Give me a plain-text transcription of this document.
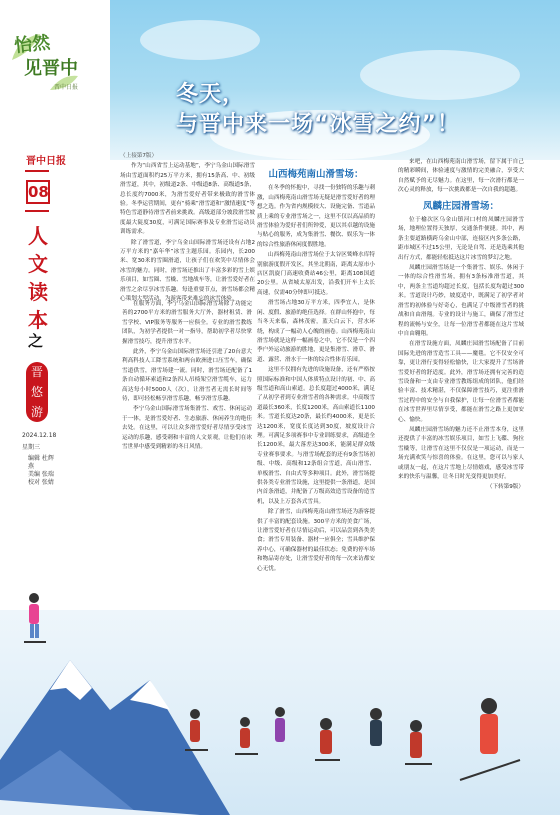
冬天，
与晋中来一场“冰雪之约”！
怡然
见晋中
晋中日报
晋中日报
08
人文读本
之
晋悠游
2024.12.18
星期三
编辑 杜辉燕
美编 张瑞
校对 张婧
（上接第7版）

作为“山西省雪上运动基地”，李宁乌金山国际滑雪场由雪道面积约25万平方米，拥有15条高、中、初级滑雪道，其中，初级道2条、中级道8条、高级道5条，总长度约7000米，为滑雪爱好者带来极致的滑雪体验。冬季运营期间，更有“骑乘”滑雪道和“激情速度”等特色雪道静待滑雪者前来挑战。高级道部分坡段滑雪坡度最大陡度30度，可满足国际赛事及专业滑雪运动员训练需求。

除了滑雪道，李宁乌金山国际滑雪场还设有占地2万平方米的“嘉年华”冰雪主题乐园。乐园内，长200米、宽30米的雪圈滑道，让孩子们在欢笑中尽情体会冰雪的魅力。同时，滑雪场还推出了丰富多彩的雪上娱乐项目，如雪圈、雪橇、雪地战车等，让滑雪爱好者在滑雪之余尽享冰雪乐趣。每逢重要节点，滑雪场都会精心策划大型活动，为游客带来难忘的冰雪体验。

在服务方面，李宁乌金山国际滑雪场除了功能完善的2700平方米的滑雪服务大厅外，器材租赁、滑雪学校、VIP服务等服务一应俱全。专业的滑雪教练团队，为初学者提供一对一指导，帮助初学者尽快掌握滑雪技巧，提升滑雪水平。

此外，李宁乌金山国际滑雪场还引进了20台意大利高科技人工降雪系统和两台欧洲进口压雪车，确保雪道供雪，滑雪场建一流。同时，滑雪场还配备了1条自动循环索道和2条四人吊椅架空滑雪缆车，运力高达每小时5000人（次），让滑雪者无需长时间等待，即可轻松畅享滑雪乐趣，畅享滑雪乐趣。

李宁乌金山国际滑雪场集滑雪、戏雪、休闲运动于一体，是滑雪爱好者、生态旅游、休闲养生的绝佳去处。在这里，可以让众多滑雪爱好者尽情享受冰雪运动的乐趣，感受刺和丰富的人文景观，让他们在冰雪世界中感受到精彩的冬日风情。

山西梅苑南山滑雪场：

在冬季的怀抱中，寻找一份独特的乐趣与刺激，山西梅苑南山滑雪场无疑是滑雪爱好者的理想之选。作为省内规模较大、设施完备、雪道品质上乘的专业滑雪场之一，这里不仅以高品质的滑雪体验为爱好者们所钟爱，更以其卓越的设施与贴心的服务，成为集滑雪、餐饮、娱乐为一体的综合性旅游休闲度假胜地。

山西梅苑南山滑雪场位于太谷区鹫峰水库特别旅游度假开发区，其坐北朝南，距离太原市小店区凯旋门高速收费站46公里，距离108国道20公里。从省城太原出发，沿我们开车上太长高速，仅需40分钟即可抵达。

滑雪场占地30万平方米，四季宜人，是休闲、度假、旅游的绝佳选择。在群山怀抱中，每当冬天来临，森林茂密，蓝天白云下，营水环绕，构成了一幅动人心魄的画卷。山西梅苑南山滑雪场就是这样一幅画卷之中，它不仅是一个四季户外运动旅游的胜地，更是集滑雪、滑草、滑道、露营、滑水于一体的综合性体育乐园。

这里不仅拥有先进的设施设备，还有严格按照国际标准和中国人体质特点设计的初、中、高级雪道和高山索道。总长度超过4000米，满足了从初学者到专业滑雪者的各种需求。中高级雪道最长360米，长度1200米，高山索道长1100米。雪道长度达20条，最长约4000米，更是长达1200米，宽度长度达到30度，坡度设计合理。可满足多项赛事中专业训练要求，高级道全长1200米，最大落差达300米，能满足群众级专业赛事要求。与滑雪场配套的还有9条雪场初级、中级、高级和12条组合雪道，高山滑雪、单板滑雪、自由式等多种项目。此外，滑雪场提供各类专业滑雪设施，这里提供一条滑道，是国内首条滑道，并配备了万级高效造雪设备的造雪机，以及上万套各式雪具。

除了滑雪，山西梅苑南山滑雪场还为游客提供了丰富的配套设施。300平方米的美食广场，让滑雪爱好者在尽情运动后，可以品尝到各类美食；滑雪专用装备、器材一应俱全；雪具维护保养中心，可确保器材的最佳状态；免费的停车场和物品寄存处，让滑雪爱好者的每一次来访都安心无忧。

来吧，在山西梅苑南山滑雪场，留下属于自己的精彩瞬间，体验速度与激情的完美融合，享受大自然赋予的无尽魅力。在这里，每一次滑行都是一次心灵的释放，每一次挑战都是一次自我的超越。

凤麟庄园滑雪场：

位于榆次区乌金山镇河口村的凤麟庄园滑雪场，地理位置得天独厚，交通条件便捷。其中，两条主要道路横跨乌金山中部，连接区内多条公路，距市城区不过15公里，无论是自驾、还是选乘其他出行方式，都能轻松抵达这片冰雪的梦幻之地。

凤麟庄园滑雪场是一个集滑雪、娱乐、休闲于一体的综合性滑雪场，拥有3条标准滑雪道，其中，两条主雪道均超过长度，包括长度均超过300米。雪道设计巧妙，坡度适中，既满足了初学者对滑雪的初体验与好奇心，也满足了中级滑雪者的挑战和自由滑翔。专业的设计与施工，确保了滑雪过程的流畅与安全，让每一位滑雪者都能在这片雪域中自由翱翔。

在滑雪设施方面，凤麟庄园滑雪场配备了目前国际先进的滑雪造雪工具——魔毯。它不仅安全可靠，更让滑行变得轻松愉快，让大家提升了雪场滑雪爱好者的舒适度。此外，滑雪场还拥有完善的造雪设备和一支由专业滑雪教练组成的团队，他们经验丰富、技术精湛，不仅保障滑雪技巧，更注重滑雪过程中的安全与自我保护，让每一位滑雪者都能在冰雪世界里尽情享受，都能在滑雪之路上更加安心、愉快。

凤麟庄园滑雪场的魅力还不止滑雪本身，这里还提供了丰富的冰雪娱乐项目，如雪上飞碟、狗拉雪橇等，让滑雪在这里不仅仅是一项运动，而是一场充满欢笑与惊喜的体验。在这里，您可以与家人或朋友一起，在这片雪地上尽情嬉戏，感受冰雪带来的快乐与温馨，让冬日时光变得更加美好。

（下转第9版）
